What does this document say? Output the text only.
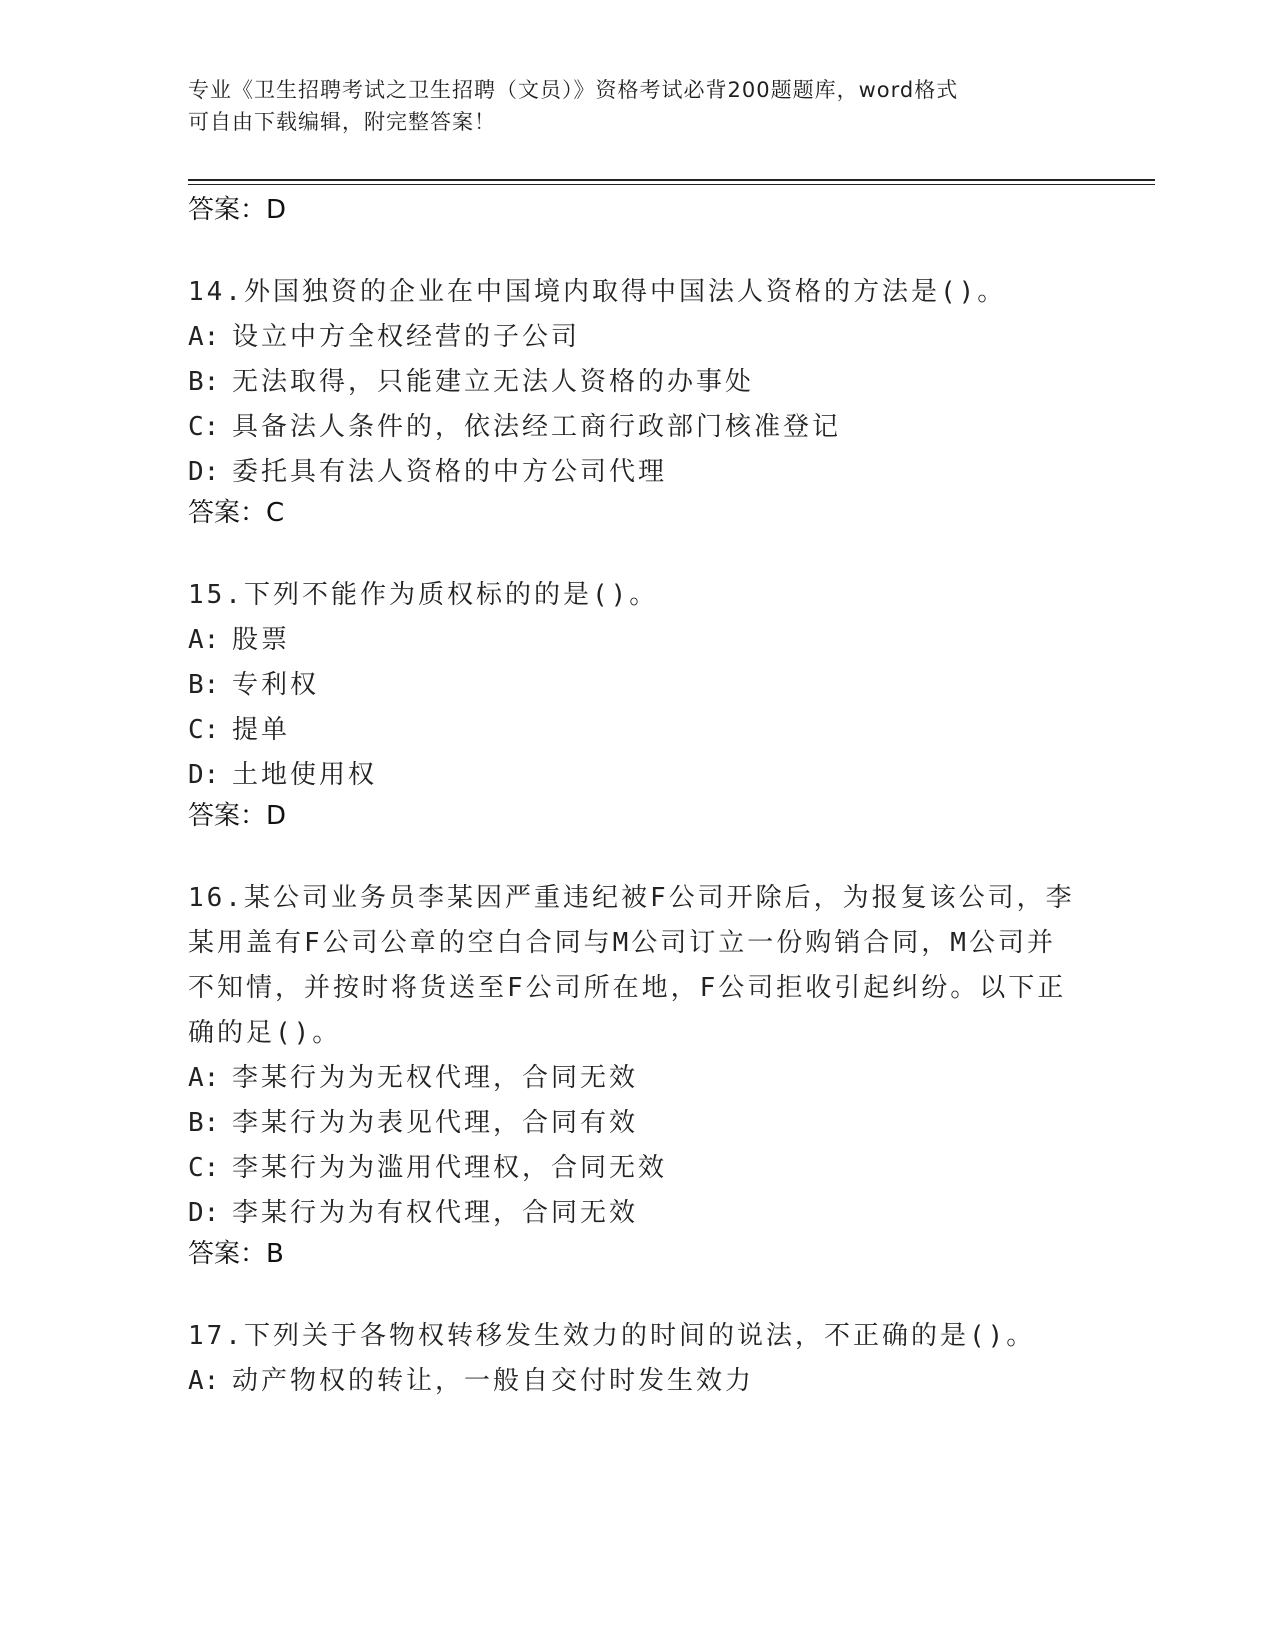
专业《卫生招聘考试之卫生招聘（文员）》资格考试必背200题题库，word格式
可自由下载编辑，附完整答案！
答案：D
14.外国独资的企业在中国境内取得中国法人资格的方法是()。
A: 设立中方全权经营的子公司
B: 无法取得，只能建立无法人资格的办事处
C: 具备法人条件的，依法经工商行政部门核准登记
D: 委托具有法人资格的中方公司代理
答案：C
15.下列不能作为质权标的的是()。
A: 股票
B: 专利权
C: 提单
D: 土地使用权
答案：D
16.某公司业务员李某因严重违纪被F公司开除后，为报复该公司，李
某用盖有F公司公章的空白合同与M公司订立一份购销合同，M公司并
不知情，并按时将货送至F公司所在地，F公司拒收引起纠纷。以下正
确的足()。
A: 李某行为为无权代理，合同无效
B: 李某行为为表见代理，合同有效
C: 李某行为为滥用代理权，合同无效
D: 李某行为为有权代理，合同无效
答案：B
17.下列关于各物权转移发生效力的时间的说法，不正确的是()。
A: 动产物权的转让，一般自交付时发生效力
